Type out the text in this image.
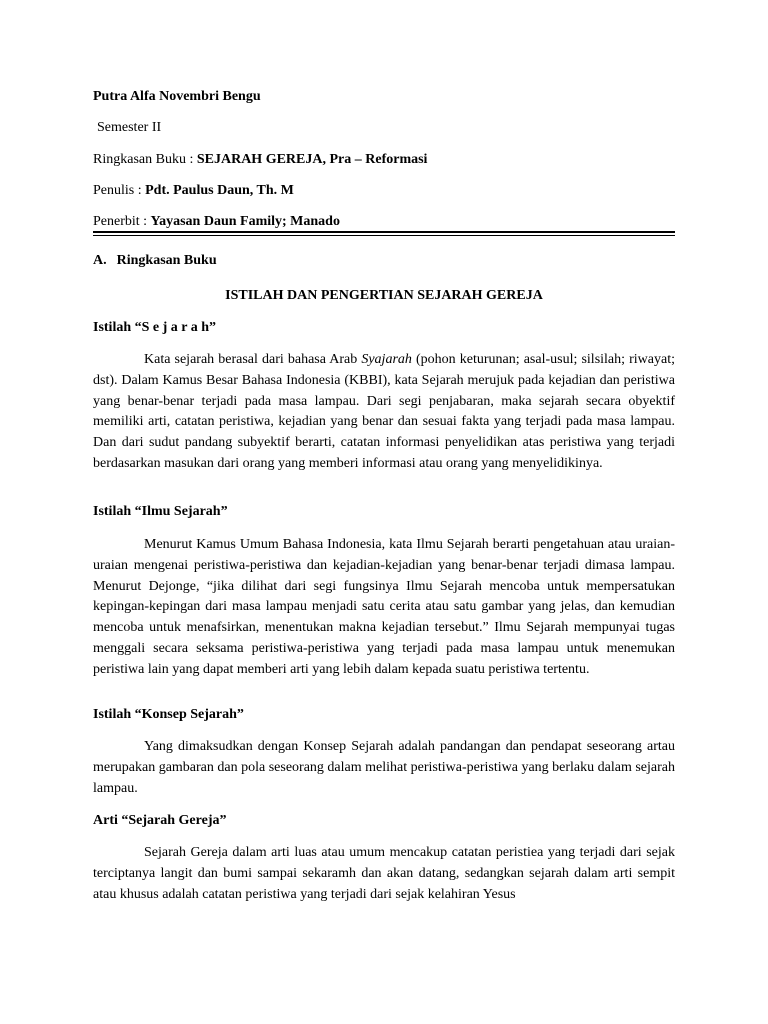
Putra Alfa Novembri Bengu
Semester II
Ringkasan Buku : SEJARAH GEREJA, Pra – Reformasi
Penulis : Pdt. Paulus Daun, Th. M
Penerbit : Yayasan Daun Family; Manado
A. Ringkasan Buku
ISTILAH DAN PENGERTIAN SEJARAH GEREJA
Istilah “S e j a r a h”

Kata sejarah berasal dari bahasa Arab Syajarah (pohon keturunan; asal-usul; silsilah; riwayat; dst). Dalam Kamus Besar Bahasa Indonesia (KBBI), kata Sejarah merujuk pada kejadian dan peristiwa yang benar-benar terjadi pada masa lampau. Dari segi penjabaran, maka sejarah secara obyektif memiliki arti, catatan peristiwa, kejadian yang benar dan sesuai fakta yang terjadi pada masa lampau. Dan dari sudut pandang subyektif berarti, catatan informasi penyelidikan atas peristiwa yang terjadi berdasarkan masukan dari orang yang memberi informasi atau orang yang menyelidikinya.

Istilah “Ilmu Sejarah”

Menurut Kamus Umum Bahasa Indonesia, kata Ilmu Sejarah berarti pengetahuan atau uraian-uraian mengenai peristiwa-peristiwa dan kejadian-kejadian yang benar-benar terjadi dimasa lampau. Menurut Dejonge, “jika dilihat dari segi fungsinya Ilmu Sejarah mencoba untuk mempersatukan kepingan-kepingan dari masa lampau menjadi satu cerita atau satu gambar yang jelas, dan kemudian mencoba untuk menafsirkan, menentukan makna kejadian tersebut.” Ilmu Sejarah mempunyai tugas menggali secara seksama peristiwa-peristiwa yang terjadi pada masa lampau untuk menemukan peristiwa lain yang dapat memberi arti yang lebih dalam kepada suatu peristiwa tertentu.

Istilah “Konsep Sejarah”

Yang dimaksudkan dengan Konsep Sejarah adalah pandangan dan pendapat seseorang artau merupakan gambaran dan pola seseorang dalam melihat peristiwa-peristiwa yang berlaku dalam sejarah lampau.

Arti “Sejarah Gereja”

Sejarah Gereja dalam arti luas atau umum mencakup catatan peristiea yang terjadi dari sejak terciptanya langit dan bumi sampai sekaramh dan akan datang, sedangkan sejarah dalam arti sempit atau khusus adalah catatan peristiwa yang terjadi dari sejak kelahiran Yesus
